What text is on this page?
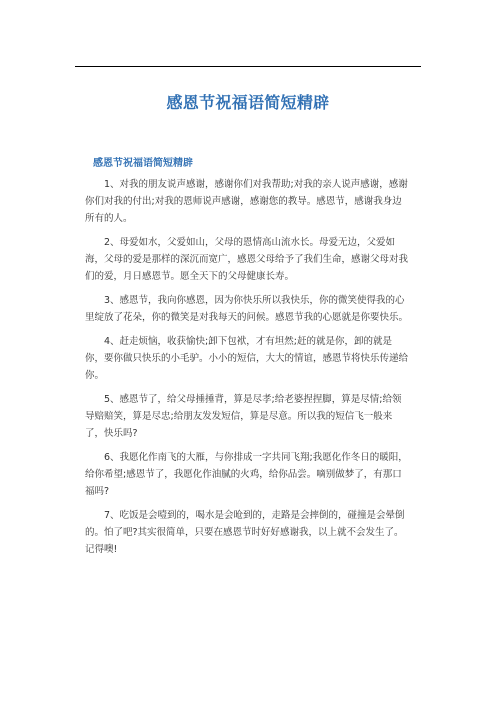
感恩节祝福语简短精辟
感恩节祝福语简短精辟

1、对我的朋友说声感谢，感谢你们对我帮助;对我的亲人说声感谢，感谢你们对我的付出;对我的恩师说声感谢，感谢您的教导。感恩节，感谢我身边所有的人。

2、母爱如水，父爱如山，父母的恩情高山流水长。母爱无边，父爱如海，父母的爱是那样的深沉而宽广，感恩父母给予了我们生命，感谢父母对我们的爱，月日感恩节。愿全天下的父母健康长寿。

3、感恩节，我向你感恩，因为你快乐所以我快乐，你的微笑使得我的心里绽放了花朵，你的微笑是对我每天的问候。感恩节我的心愿就是你要快乐。

4、赶走烦恼，收获愉快;卸下包袱，才有坦然;赶的就是你，卸的就是你，要你做只快乐的小毛驴。小小的短信，大大的情谊，感恩节将快乐传递给你。

5、感恩节了，给父母捶捶背，算是尽孝;给老婆捏捏脚，算是尽情;给领导赔赔笑，算是尽忠;给朋友发发短信，算是尽意。所以我的短信飞一般来了，快乐吗?

6、我愿化作南飞的大雁，与你排成一字共同飞翔;我愿化作冬日的暖阳，给你希望;感恩节了，我愿化作油腻的火鸡，给你品尝。嘀别做梦了，有那口福吗?

7、吃饭是会噎到的，喝水是会呛到的，走路是会摔倒的，碰撞是会晕倒的。怕了吧?其实很简单，只要在感恩节时好好感谢我，以上就不会发生了。记得噢!
